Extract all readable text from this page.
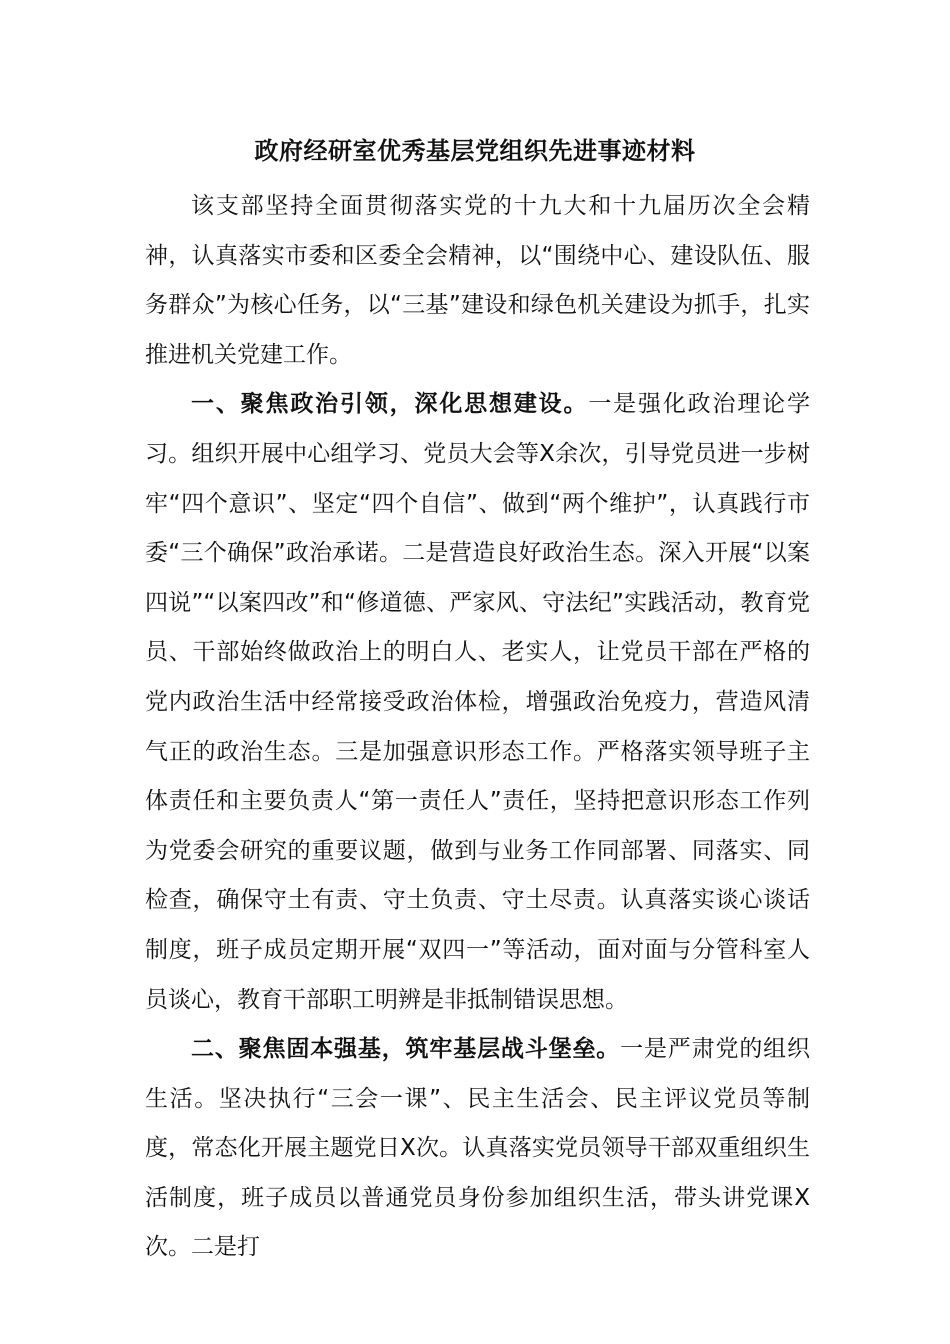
政府经研室优秀基层党组织先进事迹材料

该支部坚持全面贯彻落实党的十九大和十九届历次全会精神，认真落实市委和区委全会精神，以“围绕中心、建设队伍、服务群众”为核心任务，以“三基”建设和绿色机关建设为抓手，扎实推进机关党建工作。

一、聚焦政治引领，深化思想建设。一是强化政治理论学习。组织开展中心组学习、党员大会等X余次，引导党员进一步树牢“四个意识”、坚定“四个自信”、做到“两个维护”，认真践行市委“三个确保”政治承诺。二是营造良好政治生态。深入开展“以案四说”“以案四改”和“修道德、严家风、守法纪”实践活动，教育党员、干部始终做政治上的明白人、老实人，让党员干部在严格的党内政治生活中经常接受政治体检，增强政治免疫力，营造风清气正的政治生态。三是加强意识形态工作。严格落实领导班子主体责任和主要负责人“第一责任人”责任，坚持把意识形态工作列为党委会研究的重要议题，做到与业务工作同部署、同落实、同检查，确保守土有责、守土负责、守土尽责。认真落实谈心谈话制度，班子成员定期开展“双四一”等活动，面对面与分管科室人员谈心，教育干部职工明辨是非抵制错误思想。

二、聚焦固本强基，筑牢基层战斗堡垒。一是严肃党的组织生活。坚决执行“三会一课”、民主生活会、民主评议党员等制度，常态化开展主题党日X次。认真落实党员领导干部双重组织生活制度，班子成员以普通党员身份参加组织生活，带头讲党课X次。二是打
